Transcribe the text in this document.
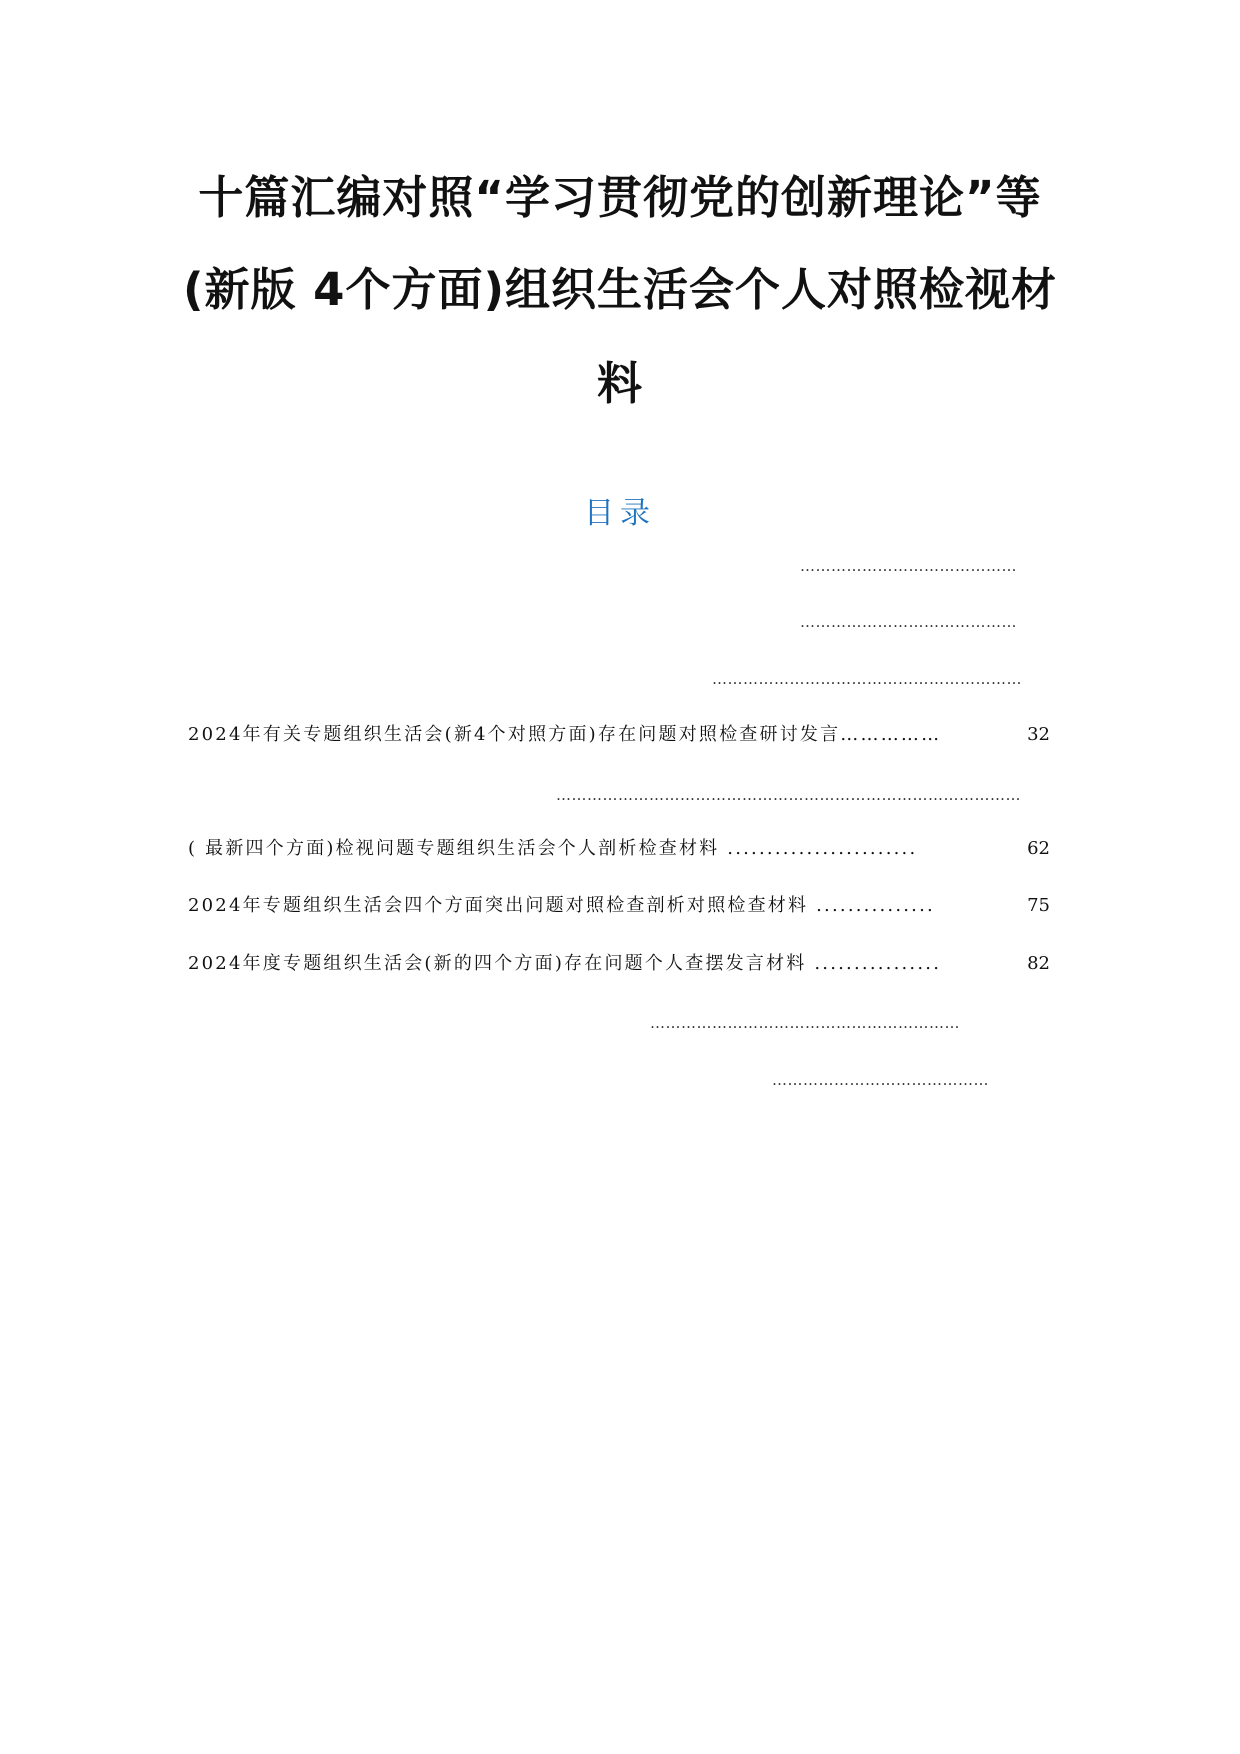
十篇汇编对照“学习贯彻党的创新理论”等
(新版 4个方面)组织生活会个人对照检视材
料
目录
……………………………………
……………………………………
……………………………………………………
2024年有关专题组织生活会(新4个对照方面)存在问题对照检查研讨发言……………	32
………………………………………………………………………………
( 最新四个方面)检视问题专题组织生活会个人剖析检查材料 ........................	62
2024年专题组织生活会四个方面突出问题对照检查剖析对照检查材料 ...............	75
2024年度专题组织生活会(新的四个方面)存在问题个人查摆发言材料 ................	82
……………………………………………………
……………………………………
